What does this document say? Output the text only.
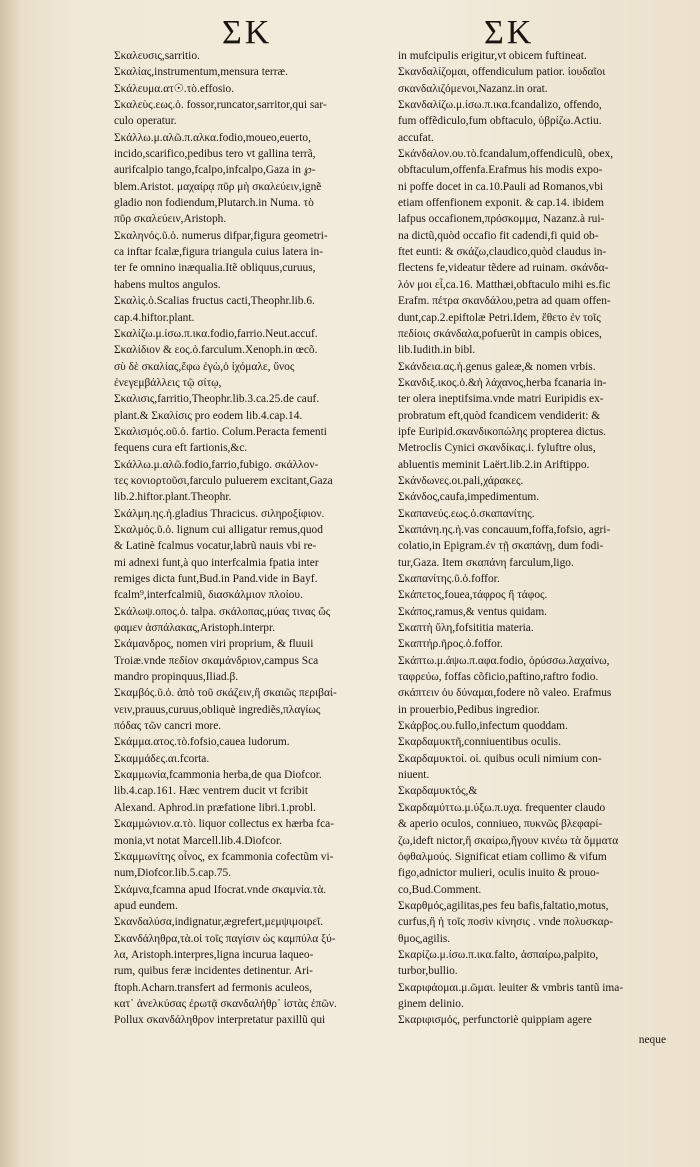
ΣΚ	ΣΚ
Σκαλευσις,sarritio.
Σκαλίας,instrumentum,mensura terræ.
Σκάλευμα.ατ☉.τὸ.effosio.
Σκαλεὺς.εως.ὁ. fossor,runcator,sarritor,qui sar-
culo operatur.
Σκάλλω.μ.αλῶ.π.αλκα.fodio,moueo,euerto,
incido,scarifico,pedibus tero vt gallina terrã,
aurifcalpio tango,fcalpo,infcalpo,Gaza in ℘-
blem.Aristot. μαχαίρᾳ πῦρ μὴ σκαλεύειν,ignẽ
gladio non fodiendum,Plutarch.in Numa. τὸ
πῦρ σκαλεύειν,Aristoph.
Σκαληνός.ῦ.ὁ. numerus difpar,figura geometri-
ca inftar fcalæ,figura triangula cuius latera in-
ter fe omnino inæqualia.Itẽ obliquus,curuus,
habens multos angulos.
Σκαλὶς.ὁ.Scalias fructus cacti,Theophr.lib.6.
cap.4.hiftor.plant.
Σκαλίζω.μ.ίσω.π.ικα.fodio,farrio.Neut.accuf.
Σκαλίδιον & εος.ὁ.farculum.Xenoph.in œcõ.
σὺ δὲ σκαλίας,ἔφω ἐγὼ,ὁ ἰχόμαλε, ὕνος
ἐνεγεμβάλλεις τῷ σίτῳ,
Σκαλισις,farritio,Theophr.lib.3.ca.25.de cauf.
plant.& Σκαλίσις pro eodem lib.4.cap.14.
Σκαλισμός.οῦ.ὁ. fartio. Colum.Peracta fementi
fequens cura eft fartionis,&c.
Σκάλλω.μ.αλῶ.fodio,farrio,fubigo. σκάλλον-
τες κονιορτοῦσι,farculo puluerem excitant,Gaza
lib.2.hiftor.plant.Theophr.
Σκάλμη.ης.ἡ.gladius Thracicus. σιληροξίφιον.
Σκαλμός.ῦ.ὁ. lignum cui alligatur remus,quod
& Latinè fcalmus vocatur,labrũ nauis vbi re-
mi adnexi funt,à quo interfcalmia fpatia inter
remiges dicta funt,Bud.in Pand.vide in Bayf.
fcalm⁹,interfcalmiũ, διασκάλμιον πλοίου.
Σκάλωψ.οπος.ὁ. talpa. σκάλοπας,μύας τινας ὥς
φαμεν ἀσπάλακας,Aristoph.interpr.
Σκάμανδρος, nomen viri proprium, & fluuii
Troiæ.vnde πεδίον σκαμάνδριον,campus Sca
mandro propinquus,Iliad.β.
Σκαμβός.ῦ.ὁ. ἀπὸ τοῦ σκάζειν,ἢ σκαιῶς περιβαί-
νειν,prauus,curuus,obliquè ingrediẽs,πλαγίως
πόδας τῶν cancri more.
Σκάμμα.ατος.τὸ.fofsio,cauea ludorum.
Σκαμμάδες.αι.fcorta.
Σκαμμωνία,fcammonia herba,de qua Diofcor.
lib.4.cap.161. Hæc ventrem ducit vt fcribit
Alexand. Aphrod.in præfatione libri.1.probl.
Σκαμμώνιον.α.τὸ. liquor collectus ex hærba fca-
monia,vt notat Marcell.lib.4.Diofcor.
Σκαμμωνίτης οἶνος, ex fcammonia cofectũm vi-
num,Diofcor.lib.5.cap.75.
Σκάμνα,fcamna apud Ifocrat.vnde σκαμνία.τὰ.
apud eundem.
Σκανδαλύσα,indignatur,ægrefert,μεμψιμοιρεῖ.
Σκανδάληθρα,τὰ.οἱ τοῖς παγίσιν ὡς καμπύλα ξύ-
λα, Aristoph.interpres,ligna incurua laqueo-
rum, quibus feræ incidentes detinentur. Ari-
ftoph.Acharn.transfert ad fermonis aculeos,
κατ᾽ ἀνελκύσας ἐρωτᾷ σκανδαλήθρ᾽ ἱστὰς ἐπῶν.
Pollux σκανδάληθρον interpretatur paxillũ qui
in mufcipulis erigitur,vt obicem fuftineat.
Σκανδαλίζομαι, offendiculum patior. ἰουδαῖοι
σκανδαλιζόμενοι,Nazanz.in orat.
Σκανδαλίζω.μ.ίσω.π.ικα.fcandalizo, offendo,
fum offẽdiculo,fum obftaculo, ὑβρίζω.Actiu.
accufat.
Σκάνδαλον.ου.τὸ.fcandalum,offendiculũ, obex,
obftaculum,offenfa.Erafmus his modis expo-
ni poffe docet in ca.10.Pauli ad Romanos,vbi
etiam offenfionem exponit. & cap.14. ibidem
lafpus occafionem,πρόσκομμα, Nazanz.à rui-
na dictũ,quòd occafio fit cadendi,fi quid ob-
ftet eunti: & σκάζω,claudico,quòd claudus in-
flectens fe,videatur tẽdere ad ruinam. σκάνδα-
λόν μοι εἶ,ca.16. Matthæi,obftaculo mihi es.fic
Erafm. πέτρα σκανδάλου,petra ad quam offen-
dunt,cap.2.epiftolæ Petri.Idem, ἔθετο ἐν τοῖς
πεδίοις σκάνδαλα,pofuerũt in campis obices,
lib.Iudith.in bibl.
Σκάνδεια.ας.ἡ.genus galeæ,& nomen vrbis.
Σκανδιξ.ικος.ὁ.&ἡ λάχανος,herba fcanaria in-
ter olera ineptifsima.vnde matri Euripidis ex-
probratum eft,quòd fcandicem vendiderit: &
ipfe Euripid.σκανδικοπώλης propterea dictus.
Metroclis Cynici σκανδίκας.i. fyluftre olus,
abluentis meminit Laërt.lib.2.in Ariftippo.
Σκάνδωνες.οι.pali,χάρακες.
Σκάνδος,caufa,impedimentum.
Σκαπανεύς.εως.ὁ.σκαπανίτης.
Σκαπάνη.ης.ἡ.vas concauum,foffa,fofsio, agri-
colatio,in Epigram.ἐν τῇ σκαπάνῃ, dum fodi-
tur,Gaza. Item σκαπάνη farculum,ligo.
Σκαπανίτης.ῦ.ὁ.foffor.
Σκάπετος,fouea,τάφρος ἢ τάφος.
Σκάπος,ramus,& ventus quidam.
Σκαπτὴ ὕλη,fofsititia materia.
Σκαπτήρ.ῆρος.ὁ.foffor.
Σκάπτω.μ.άψω.π.αφα.fodio, ὀρύσσω.λαχαίνω,
ταφρεύω, foffas cõficio,paftino,raftro fodio.
σκάπτειν ὀυ δύναμαι,fodere nõ valeo. Erafmus
in prouerbio,Pedibus ingredior.
Σκάρβος.ου.fullo,infectum quoddam.
Σκαρδαμυκτῆ,conniuentibus oculis.
Σκαρδαμυκτοί. οἱ. quibus oculi nimium con-
niuent.
Σκαρδαμυκτός,&
Σκαρδαμύττω.μ.ύξω.π.υχα. frequenter claudo
& aperio oculos, conniueo, πυκνῶς βλεφαρί-
ζω,ideft nictor,ἢ σκαίρω,ἤγουν κινέω τὰ ὄμματα
ὀφθαλμούς. Significat etiam collimo & vifum
figo,adnictor mulieri, oculis inuito & prouo-
co,Bud.Comment.
Σκαρθμός,agilitas,pes feu bafis,faltatio,motus,
curfus,ἢ ἡ τοῖς ποσὶν κίνησις . vnde πολυσκαρ-
θμος,agilis.
Σκαρίζω.μ.ίσω.π.ικα.falto, ἀσπαίρω,palpito,
turbor,bullio.
Σκαριφάομαι.μ.ῶμαι. leuiter & vmbris tantũ ima-
ginem delinio.
Σκαριφισμός, perfunctoriè quippiam agere
neque
